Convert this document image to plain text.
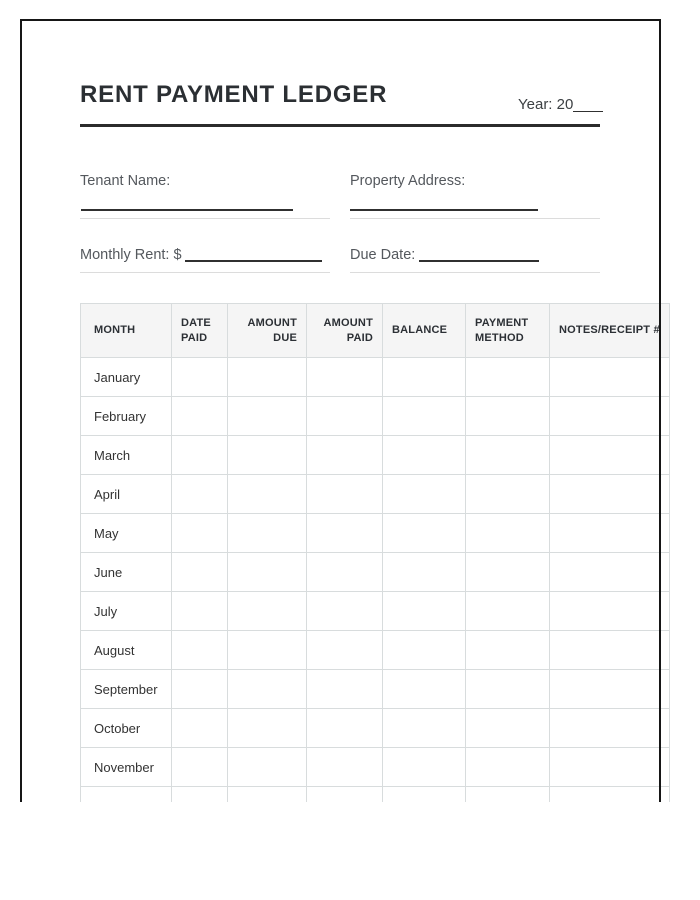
RENT PAYMENT LEDGER	Year: 20
Tenant Name:	Property Address:
Monthly Rent: $	Due Date:
MONTH	DATE PAID	AMOUNT DUE	AMOUNT PAID	BALANCE	PAYMENT METHOD	NOTES/RECEIPT #
January						
February						
March						
April						
May						
June						
July						
August						
September						
October						
November						
